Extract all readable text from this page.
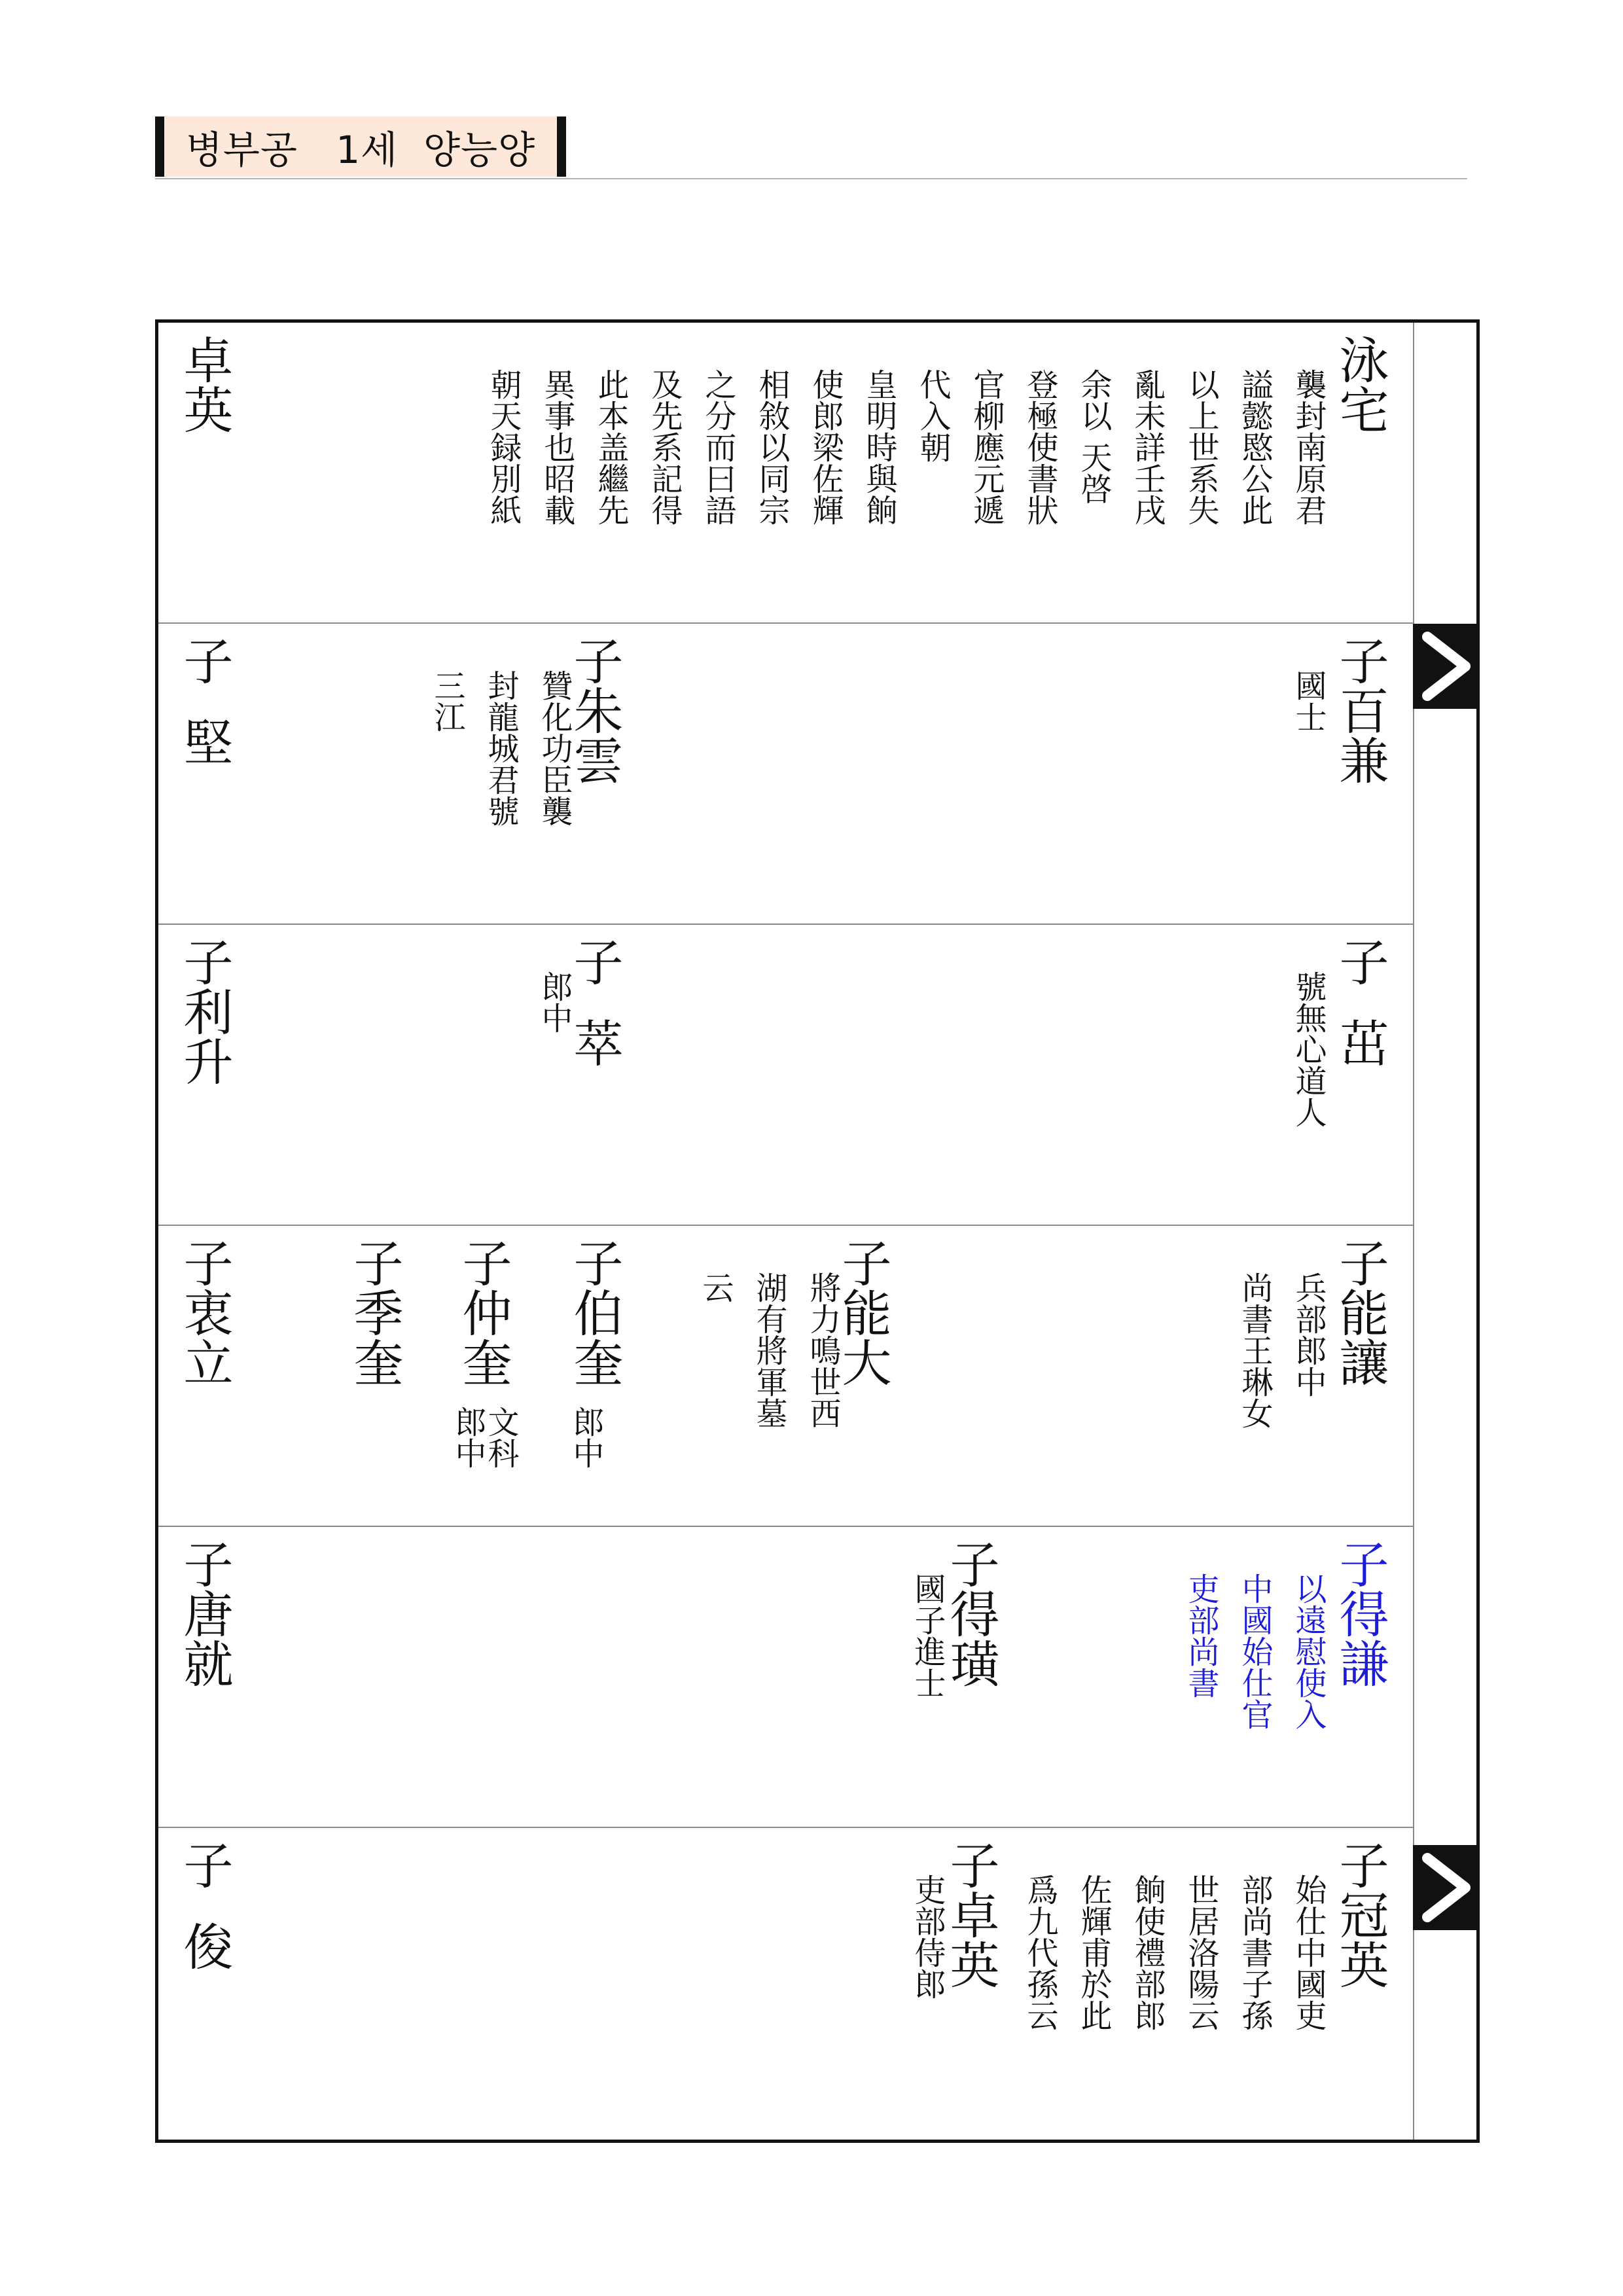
병부공   1세  양능양
泳宅
襲封南原君
謚懿愍公此
以上世系失
亂未詳壬戌
余以 天啓
登極使書狀
官柳應元遞
代入朝
皇明時與餉
使郎梁佐輝
相敘以同宗
之分而曰語
及先系記得
此本盖繼先
異事也昭載
朝天録別紙
卓英
子百兼
國士
子朱雲
贊化功臣襲
封龍城君號
三江
子  堅
子  茁
號無心道人
子  萃
郎中
子利升
子能讓
兵部郎中
尚書王琳女
子能大
將力鳴世西
湖有將軍墓
云
子伯奎
郎中
子仲奎
文科
郎中
子季奎
子衷立
子得謙
以遠慰使入
中國始仕官
吏部尚書
子得璜
國子進士
子唐就
子冠英
始仕中國吏
部尚書子孫
世居洛陽云
餉使禮部郎
佐輝甫於此
爲九代孫云
子卓英
吏部侍郎
子  俊
